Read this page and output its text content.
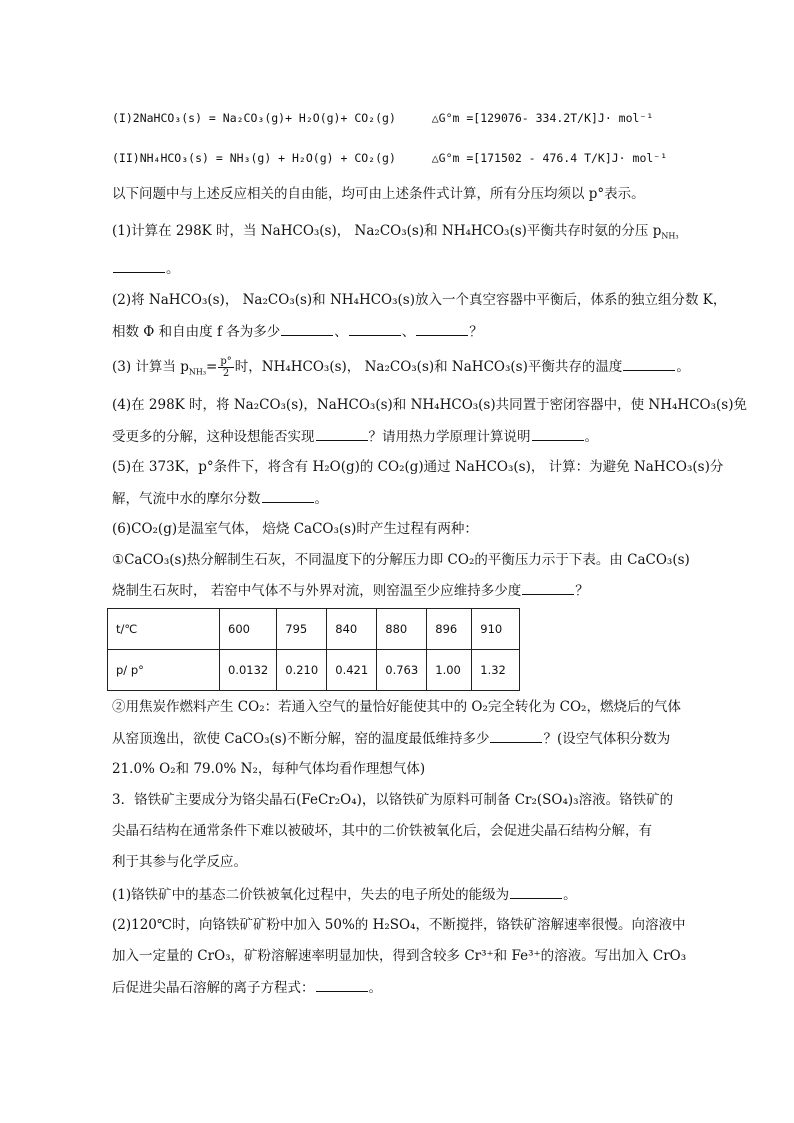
(I)2NaHCO₃(s) = Na₂CO₃(g)+ H₂O(g)+ CO₂(g)	△G°m =[129076- 334.2T/K]J· mol⁻¹
(II)NH₄HCO₃(s) = NH₃(g) + H₂O(g) + CO₂(g)	△G°m =[171502 - 476.4 T/K]J· mol⁻¹
以下问题中与上述反应相关的自由能，均可由上述条件式计算，所有分压均须以 p°表示。
(1)计算在 298K 时，当 NaHCO₃(s)， Na₂CO₃(s)和 NH₄HCO₃(s)平衡共存时氨的分压 $p_{NH_3}$
。
(2)将 NaHCO₃(s)， Na₂CO₃(s)和 NH₄HCO₃(s)放入一个真空容器中平衡后，体系的独立组分数 K，
相数 Φ 和自由度 f 各为多少	、	、	？
(3) 计算当 $p_{NH_3}= \frac{p^\circ}{2}$ 时，NH₄HCO₃(s)， Na₂CO₃(s)和 NaHCO₃(s)平衡共存的温度	。
(4)在 298K 时，将 Na₂CO₃(s)，NaHCO₃(s)和 NH₄HCO₃(s)共同置于密闭容器中，使 NH₄HCO₃(s)免
受更多的分解，这种设想能否实现	？请用热力学原理计算说明	。
(5)在 373K，p°条件下，将含有 H₂O(g)的 CO₂(g)通过 NaHCO₃(s)， 计算：为避免 NaHCO₃(s)分
解，气流中水的摩尔分数	。
(6)CO₂(g)是温室气体， 焙烧 CaCO₃(s)时产生过程有两种：
①CaCO₃(s)热分解制生石灰，不同温度下的分解压力即 CO₂的平衡压力示于下表。由 CaCO₃(s)
烧制生石灰时， 若窑中气体不与外界对流，则窑温至少应维持多少度	？
t/℃	600	795	840	880	896	910
p/ p°	0.0132	0.210	0.421	0.763	1.00	1.32
②用焦炭作燃料产生 CO₂：若通入空气的量恰好能使其中的 O₂完全转化为 CO₂，燃烧后的气体
从窑顶逸出，欲使 CaCO₃(s)不断分解，窑的温度最低维持多少	？(设空气体积分数为
21.0% O₂和 79.0% N₂，每种气体均看作理想气体)
3．铬铁矿主要成分为铬尖晶石(FeCr₂O₄)，以铬铁矿为原料可制备 Cr₂(SO₄)₃溶液。铬铁矿的
尖晶石结构在通常条件下难以被破坏，其中的二价铁被氧化后，会促进尖晶石结构分解，有
利于其参与化学反应。
(1)铬铁矿中的基态二价铁被氧化过程中，失去的电子所处的能级为	。
(2)120℃时，向铬铁矿矿粉中加入 50%的 H₂SO₄，不断搅拌，铬铁矿溶解速率很慢。向溶液中
加入一定量的 CrO₃，矿粉溶解速率明显加快，得到含较多 Cr³⁺和 Fe³⁺的溶液。写出加入 CrO₃
后促进尖晶石溶解的离子方程式：	。
